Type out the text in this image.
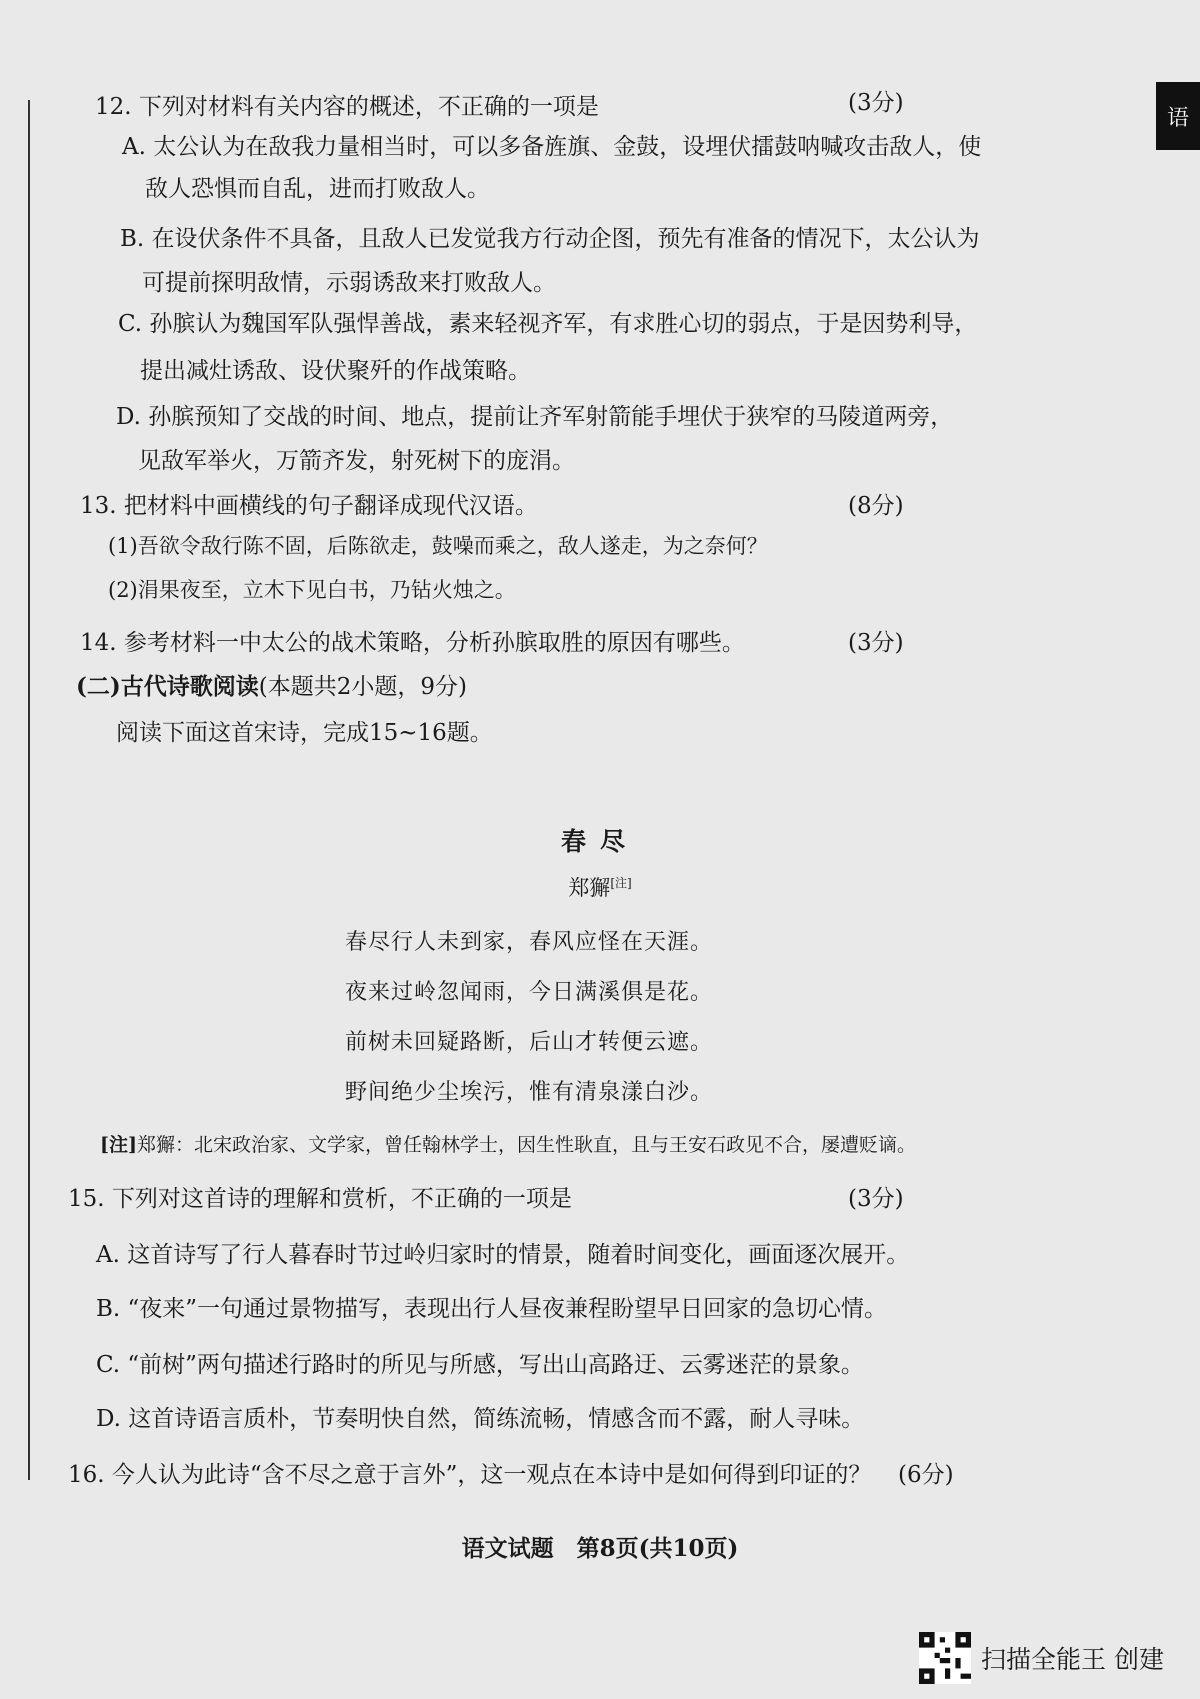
语
12. 下列对材料有关内容的概述，不正确的一项是	(3分)
A. 太公认为在敌我力量相当时，可以多备旌旗、金鼓，设埋伏擂鼓呐喊攻击敌人，使
敌人恐惧而自乱，进而打败敌人。
B. 在设伏条件不具备，且敌人已发觉我方行动企图，预先有准备的情况下，太公认为
可提前探明敌情，示弱诱敌来打败敌人。
C. 孙膑认为魏国军队强悍善战，素来轻视齐军，有求胜心切的弱点，于是因势利导，
提出减灶诱敌、设伏聚歼的作战策略。
D. 孙膑预知了交战的时间、地点，提前让齐军射箭能手埋伏于狭窄的马陵道两旁，
见敌军举火，万箭齐发，射死树下的庞涓。
13. 把材料中画横线的句子翻译成现代汉语。	(8分)
(1)吾欲令敌行陈不固，后陈欲走，鼓噪而乘之，敌人遂走，为之奈何？
(2)涓果夜至，立木下见白书，乃钻火烛之。
14. 参考材料一中太公的战术策略，分析孙膑取胜的原因有哪些。	(3分)
(二)古代诗歌阅读(本题共2小题，9分)
阅读下面这首宋诗，完成15~16题。
春尽
郑獬[注]
春尽行人未到家，春风应怪在天涯。
夜来过岭忽闻雨，今日满溪俱是花。
前树未回疑路断，后山才转便云遮。
野间绝少尘埃污，惟有清泉漾白沙。
[注]郑獬：北宋政治家、文学家，曾任翰林学士，因生性耿直，且与王安石政见不合，屡遭贬谪。
15. 下列对这首诗的理解和赏析，不正确的一项是	(3分)
A. 这首诗写了行人暮春时节过岭归家时的情景，随着时间变化，画面逐次展开。
B. “夜来”一句通过景物描写，表现出行人昼夜兼程盼望早日回家的急切心情。
C. “前树”两句描述行路时的所见与所感，写出山高路迂、云雾迷茫的景象。
D. 这首诗语言质朴，节奏明快自然，简练流畅，情感含而不露，耐人寻味。
16. 今人认为此诗“含不尽之意于言外”，这一观点在本诗中是如何得到印证的？ (6分)
语文试题　第8页(共10页)
扫描全能王 创建
